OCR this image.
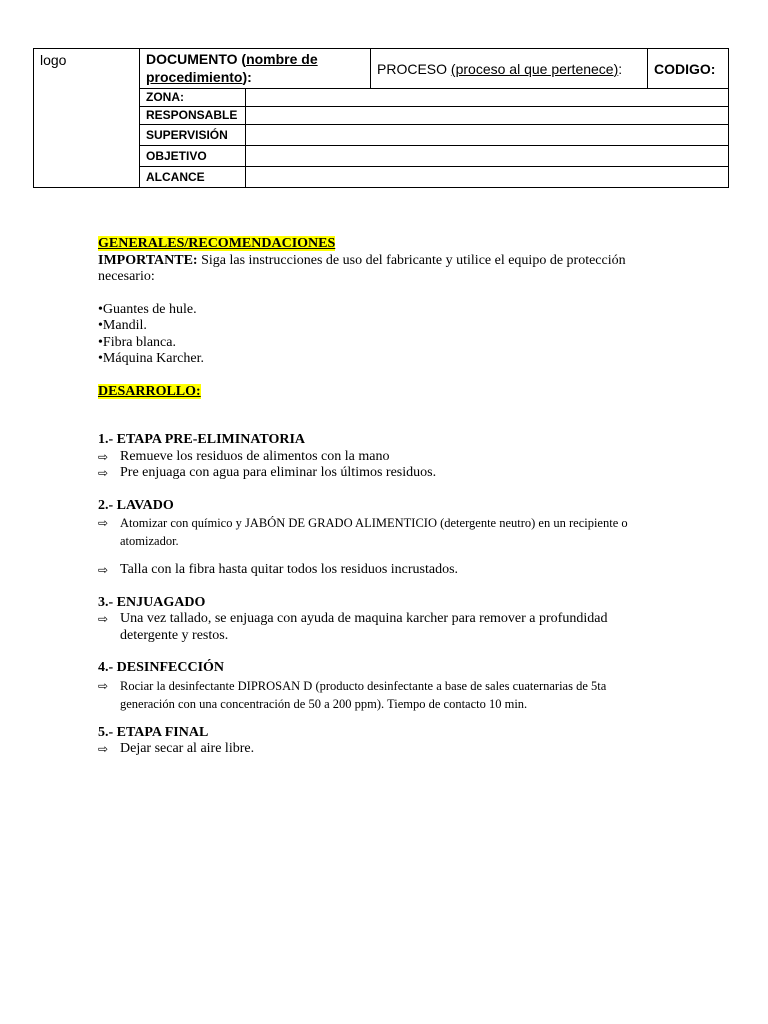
logo	DOCUMENTO (nombre de procedimiento):		PROCESO (proceso al que pertenece):	CODIGO:
	ZONA:			
	RESPONSABLE			
	SUPERVISIÓN			
	OBJETIVO			
	ALCANCE			

GENERALES/RECOMENDACIONES

IMPORTANTE: Siga las instrucciones de uso del fabricante y utilice el equipo de protección necesario:

•Guantes de hule.

•Mandil.

•Fibra blanca.

•Máquina Karcher.

DESARROLLO:

1.- ETAPA PRE-ELIMINATORIA

⇨ Remueve los residuos de alimentos con la mano
⇨ Pre enjuaga con agua para eliminar los últimos residuos.

2.- LAVADO

⇨ Atomizar con químico y JABÓN DE GRADO ALIMENTICIO (detergente neutro) en un recipiente o atomizador.
⇨ Talla con la fibra hasta quitar todos los residuos incrustados.

3.- ENJUAGADO

⇨ Una vez tallado, se enjuaga con ayuda de maquina karcher para remover a profundidad detergente y restos.

4.- DESINFECCIÓN

⇨ Rociar la desinfectante DIPROSAN D (producto desinfectante a base de sales cuaternarias de 5ta generación con una concentración de 50 a 200 ppm). Tiempo de contacto 10 min.

5.- ETAPA FINAL

⇨ Dejar secar al aire libre.
